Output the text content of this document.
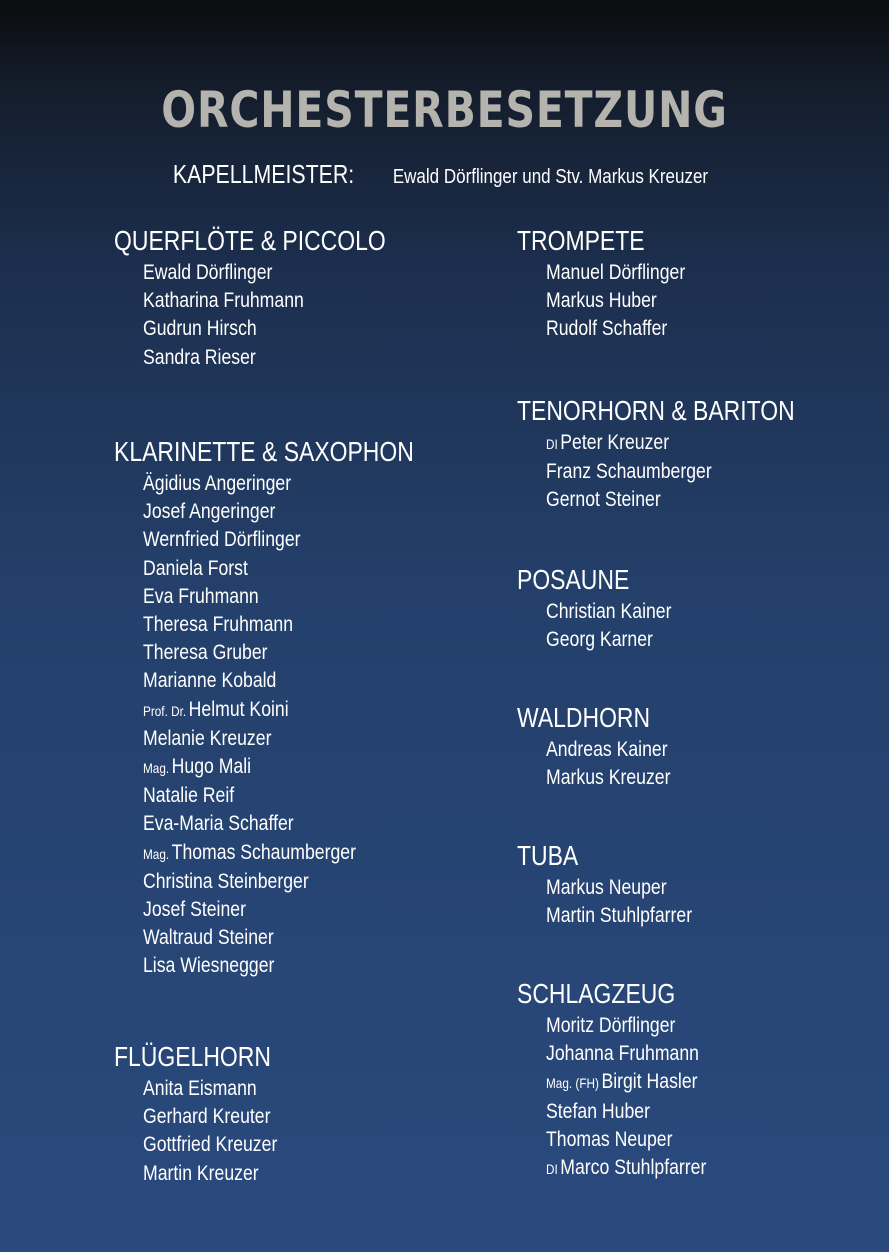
ORCHESTERBESETZUNG
KAPELLMEISTER: Ewald Dörflinger und Stv. Markus Kreuzer
QUERFLÖTE & PICCOLO
Ewald Dörflinger
Katharina Fruhmann
Gudrun Hirsch
Sandra Rieser
KLARINETTE & SAXOPHON
Ägidius Angeringer
Josef Angeringer
Wernfried Dörflinger
Daniela Forst
Eva Fruhmann
Theresa Fruhmann
Theresa Gruber
Marianne Kobald
Prof. Dr. Helmut Koini
Melanie Kreuzer
Mag. Hugo Mali
Natalie Reif
Eva-Maria Schaffer
Mag. Thomas Schaumberger
Christina Steinberger
Josef Steiner
Waltraud Steiner
Lisa Wiesnegger
FLÜGELHORN
Anita Eismann
Gerhard Kreuter
Gottfried Kreuzer
Martin Kreuzer
TROMPETE
Manuel Dörflinger
Markus Huber
Rudolf Schaffer
TENORHORN & BARITON
DI Peter Kreuzer
Franz Schaumberger
Gernot Steiner
POSAUNE
Christian Kainer
Georg Karner
WALDHORN
Andreas Kainer
Markus Kreuzer
TUBA
Markus Neuper
Martin Stuhlpfarrer
SCHLAGZEUG
Moritz Dörflinger
Johanna Fruhmann
Mag. (FH) Birgit Hasler
Stefan Huber
Thomas Neuper
DI Marco Stuhlpfarrer
